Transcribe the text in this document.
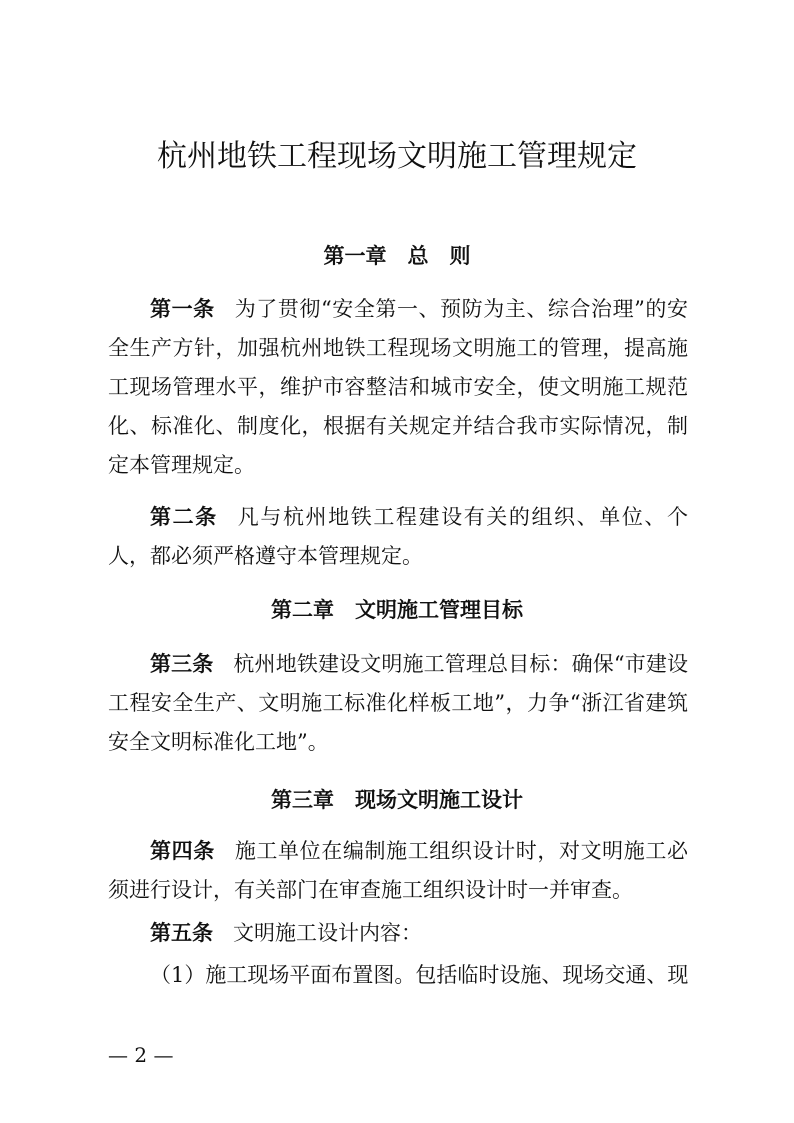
杭州地铁工程现场文明施工管理规定
第一章　总　则

第一条 为了贯彻“安全第一、预防为主、综合治理”的安全生产方针，加强杭州地铁工程现场文明施工的管理，提高施工现场管理水平，维护市容整洁和城市安全，使文明施工规范化、标准化、制度化，根据有关规定并结合我市实际情况，制定本管理规定。

第二条 凡与杭州地铁工程建设有关的组织、单位、个人，都必须严格遵守本管理规定。

第二章　文明施工管理目标

第三条 杭州地铁建设文明施工管理总目标：确保“市建设工程安全生产、文明施工标准化样板工地”，力争“浙江省建筑安全文明标准化工地”。

第三章　现场文明施工设计

第四条 施工单位在编制施工组织设计时，对文明施工必须进行设计，有关部门在审查施工组织设计时一并审查。

第五条 文明施工设计内容：

（1）施工现场平面布置图。包括临时设施、现场交通、现

— 2 —
